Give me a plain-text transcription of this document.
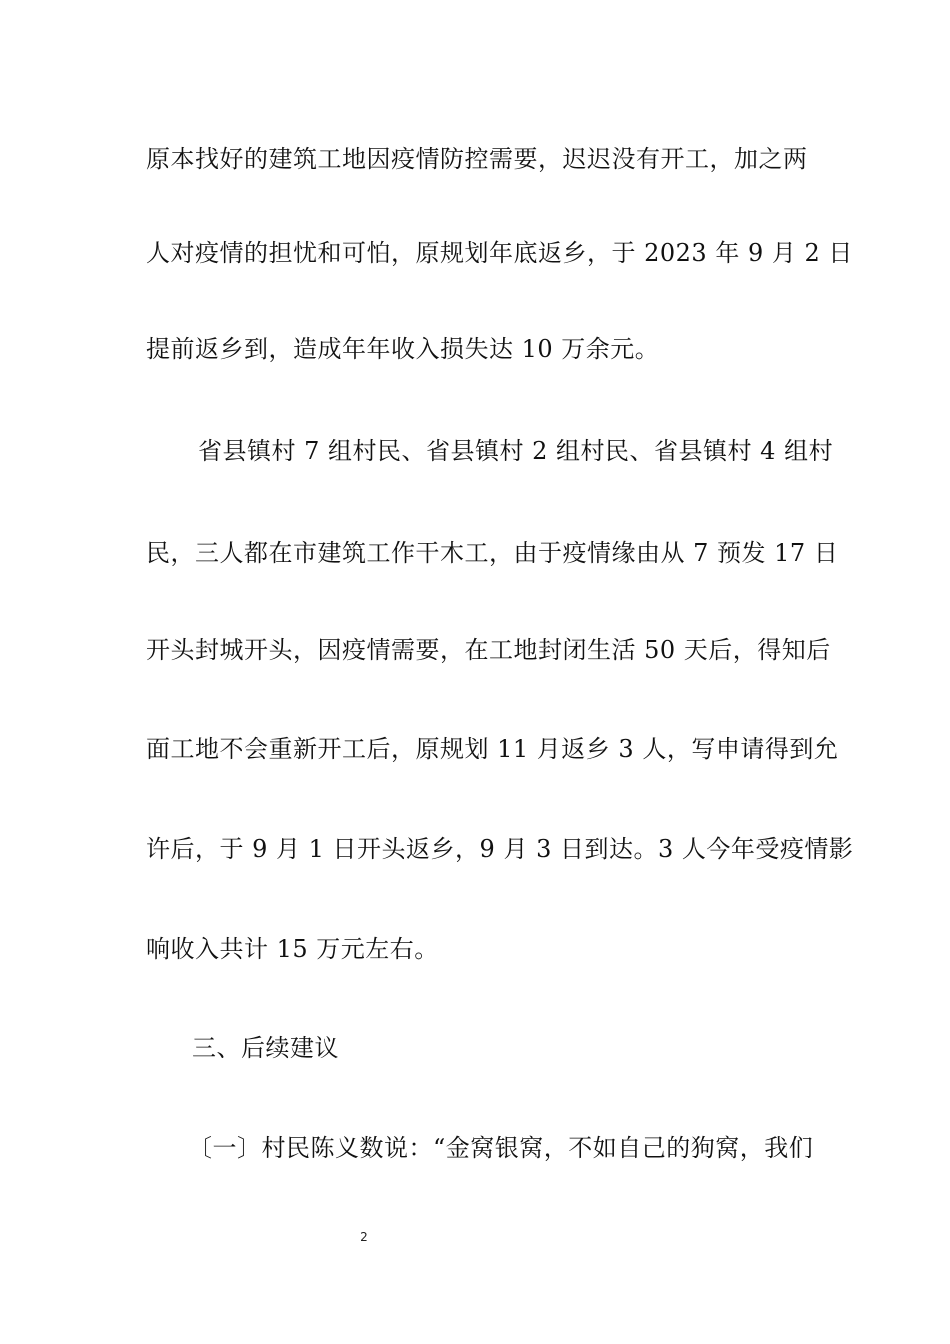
原本找好的建筑工地因疫情防控需要，迟迟没有开工，加之两
人对疫情的担忧和可怕，原规划年底返乡，于 2023 年 9 月 2 日
提前返乡到，造成年年收入损失达 10 万余元。
省县镇村 7 组村民、省县镇村 2 组村民、省县镇村 4 组村
民，三人都在市建筑工作干木工，由于疫情缘由从 7 预发 17 日
开头封城开头，因疫情需要，在工地封闭生活 50 天后，得知后
面工地不会重新开工后，原规划 11 月返乡 3 人，写申请得到允
许后，于 9 月 1 日开头返乡，9 月 3 日到达。3 人今年受疫情影
响收入共计 15 万元左右。
三、后续建议
〔一〕村民陈义数说：“金窝银窝，不如自己的狗窝，我们
2
